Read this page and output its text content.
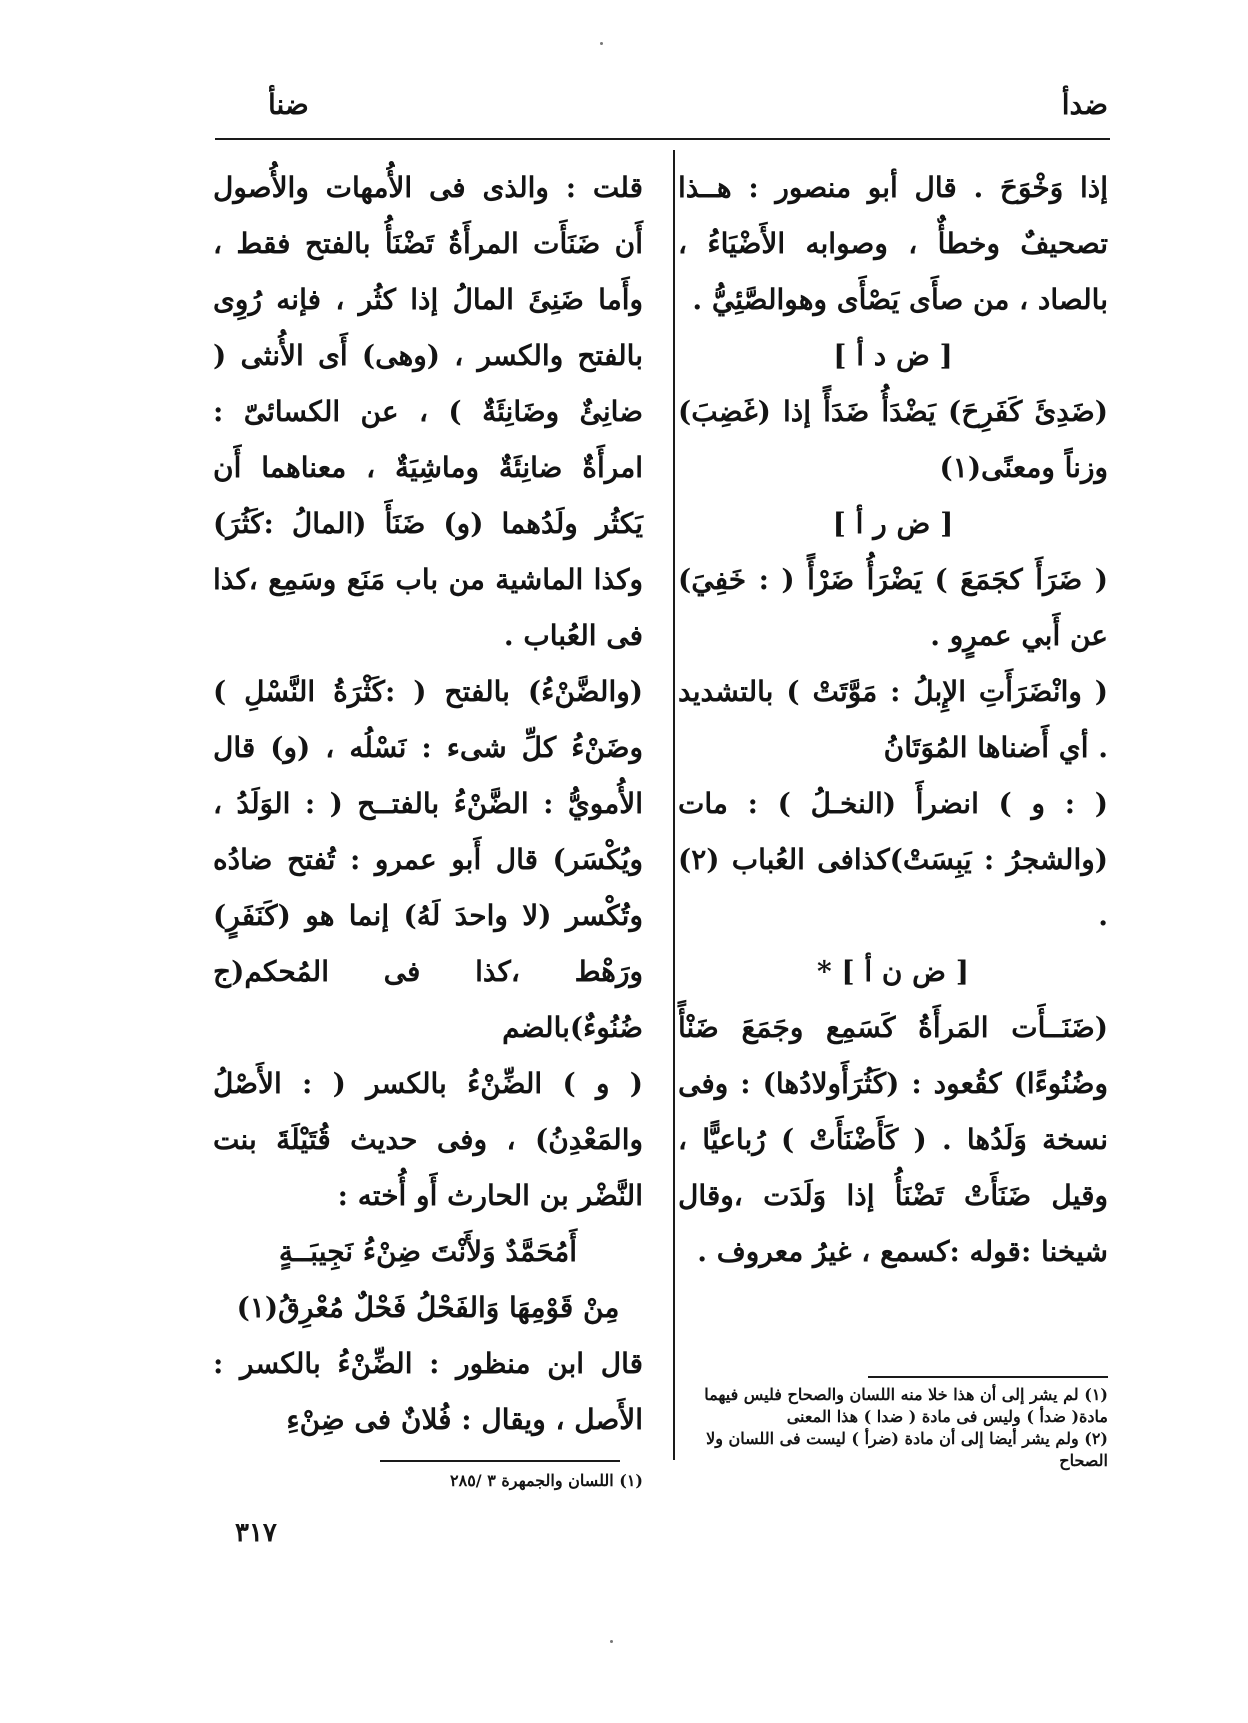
ضدأ
ضنأ

إذا وَخْوَحَ . قال أبو منصور : هــذا تصحيفٌ وخطأٌ ، وصوابه الأَضْيَاءُ ، بالصاد ، من صأَى يَصْأَى وهوالصَّئِيُّ .

[ ض د أ ]

(ضَدِئَ كَفَرِحَ) يَضْدَأُ ضَدَأً إذا (غَضِبَ) وزناً ومعنًى(١)

[ ض ر أ ]

( ضَرَأَ كجَمَعَ ) يَضْرَأُ ضَرْأً ( : خَفِيَ) عن أَبي عمرٍو .

( وانْضَرَأَتِ الإِبلُ : مَوَّتَتْ ) بالتشديد . أي أَضناها المُوَتَانُ

( : و ) انضرأَ (النخـلُ ) : مات (والشجرُ : يَبِسَتْ)كذافى العُباب (٢) .

[ ض ن أ ] *

(ضَنَــأَت المَرأَةُ كَسَمِع وجَمَعَ ضَنْأً وضُنُوءًا) كقُعود : (كَثُرَأَولادُها) : وفى نسخة وَلَدُها . ( كَأَضْنَأَتْ ) رُباعيًّا ، وقيل ضَنَأَتْ تَضْنَأُ إذا وَلَدَت ،وقال شيخنا :قوله :كسمع ، غيرُ معروف .

(١) لم يشر إلى أن هذا خلا منه اللسان والصحاح فليس فيهما مادة( ضدأ ) وليس فى مادة ( ضدا ) هذا المعنى

(٢) ولم يشر أيضا إلى أن مادة (ضرأ ) ليست فى اللسان ولا الصحاح

قلت : والذى فى الأُمهات والأُصول أَن ضَنَأَت المرأَةُ تَضْنَأُ بالفتح فقط ، وأَما ضَنِئَ المالُ إذا كثُر ، فإنه رُوِى بالفتح والكسر ، (وهى) أَى الأُنثى ( ضانِئٌ وضَانِئَةٌ ) ، عن الكسائىّ : امرأَةٌ ضانِئَةٌ وماشِيَةٌ ، معناهما أَن يَكثُر ولَدُهما (و) ضَنَأَ (المالُ :كَثُرَ) وكذا الماشية من باب مَنَع وسَمِع ،كذا فى العُباب .

(والضَّنْءُ) بالفتح ( :كَثْرَةُ النَّسْلِ ) وضَنْءُ كلِّ شىء : نَسْلُه ، (و) قال الأُمويُّ : الضَّنْءُ بالفتــح ( : الوَلَدُ ، ويُكْسَر) قال أَبو عمرو : تُفتح ضادُه وتُكْسر (لا واحدَ لَهُ) إنما هو (كَنَفَرٍ) ورَهْط ،كذا فى المُحكم(ج ضُنُوءٌ)بالضم

( و ) الضِّنْءُ بالكسر ( : الأَصْلُ والمَعْدِنُ) ، وفى حديث قُتَيْلَةَ بنت النَّضْر بن الحارث أَو أُخته :

أَمُحَمَّدٌ وَلأَنْتَ ضِنْءُ نَجِيبَــةٍ

مِنْ قَوْمِهَا وَالفَحْلُ فَحْلٌ مُعْرِقُ(١)

قال ابن منظور : الضِّنْءُ بالكسر : الأَصل ، ويقال : فُلانٌ فى ضِنْءِ

(١) اللسان والجمهرة ٣ /٢٨٥

٣١٧
